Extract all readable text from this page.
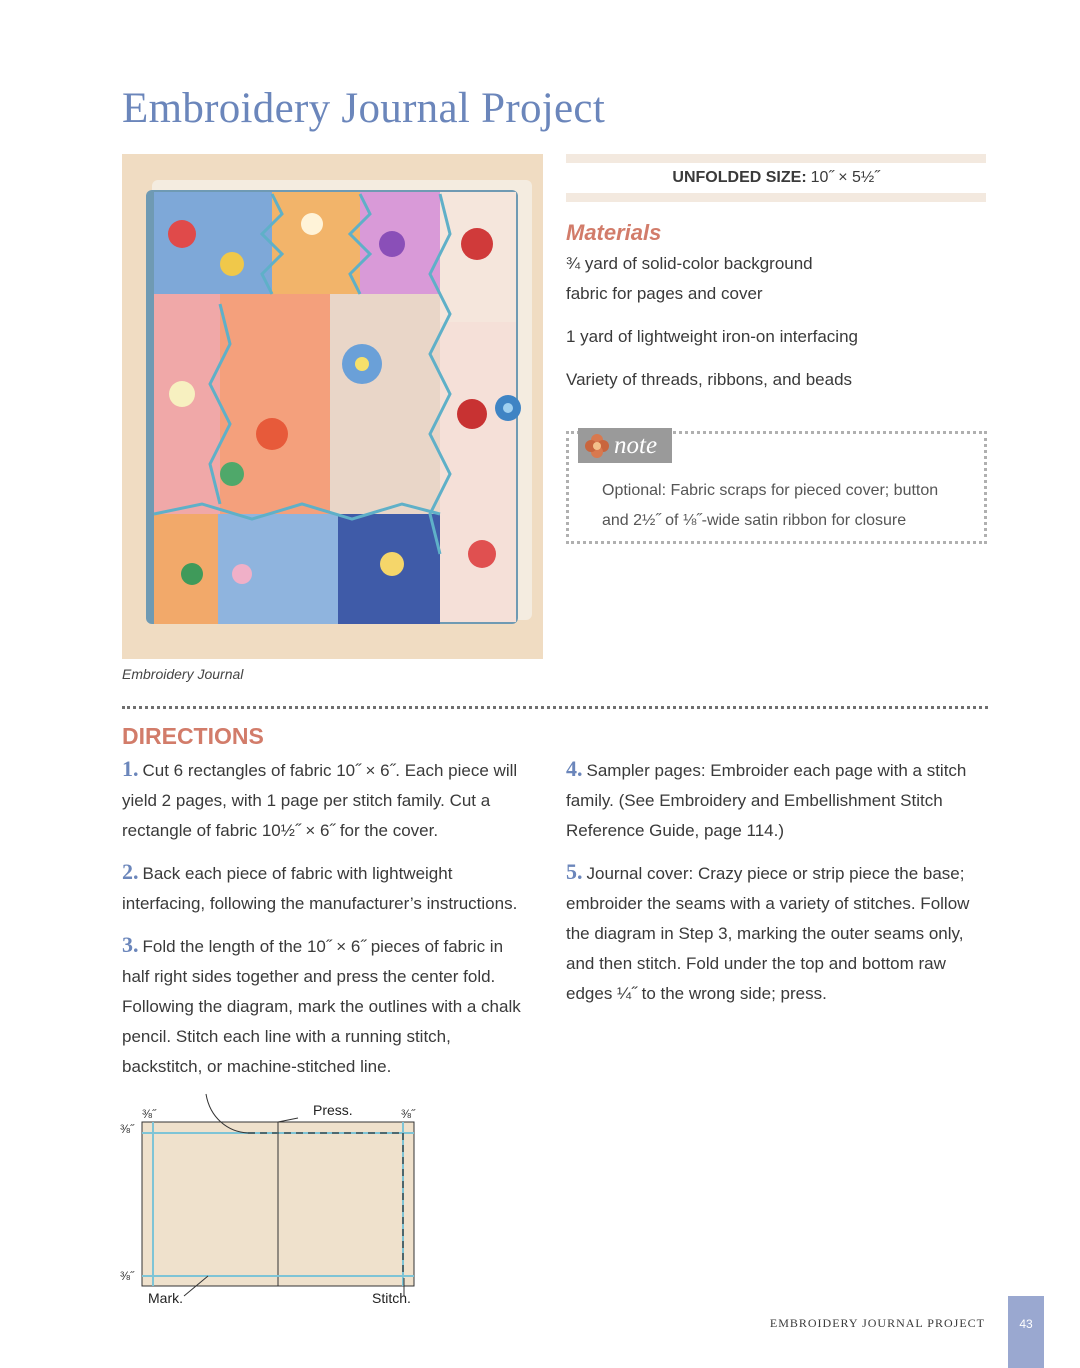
Embroidery Journal Project
Embroidery Journal
UNFOLDED SIZE: 10˝ × 5½˝
Materials
¾ yard of solid-color background
fabric for pages and cover
1 yard of lightweight iron-on interfacing
Variety of threads, ribbons, and beads
note
Optional: Fabric scraps for pieced cover; button
and 2½˝ of ⅛˝-wide satin ribbon for closure
DIRECTIONS
1. Cut 6 rectangles of fabric 10˝ × 6˝. Each piece will yield 2 pages, with 1 page per stitch family. Cut a rectangle of fabric 10½˝ × 6˝ for the cover.
2. Back each piece of fabric with lightweight interfacing, following the manufacturer’s instructions.
3. Fold the length of the 10˝ × 6˝ pieces of fabric in half right sides together and press the center fold. Following the diagram, mark the outlines with a chalk pencil. Stitch each line with a running stitch, backstitch, or machine-stitched line.
4. Sampler pages: Embroider each page with a stitch family. (See Embroidery and Embellishment Stitch Reference Guide, page 114.)
5. Journal cover: Crazy piece or strip piece the base; embroider the seams with a variety of stitches. Follow the diagram in Step 3, marking the outer seams only, and then stitch. Fold under the top and bottom raw edges ¼˝ to the wrong side; press.
⅜˝	⅜˝
⅜˝
⅜˝
Press.
Mark.	Stitch.
EMBROIDERY JOURNAL PROJECT	43
